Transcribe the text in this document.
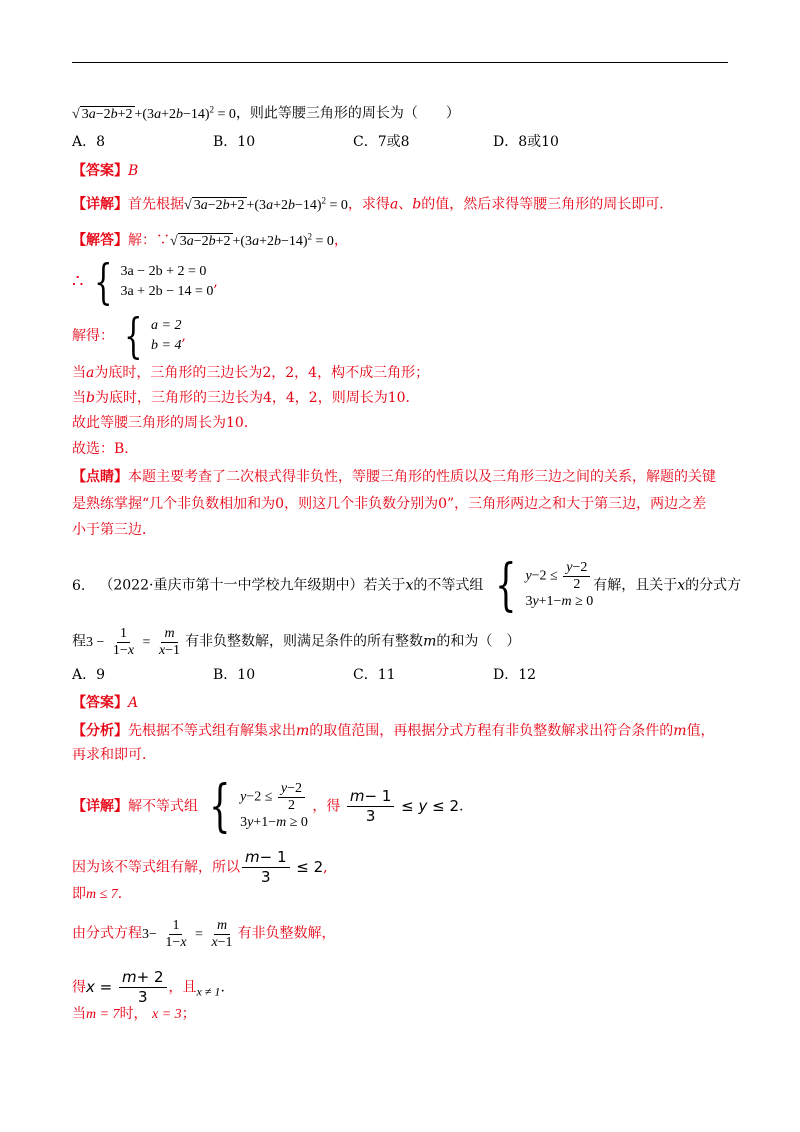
√ $3a-2b+2 +(3a+2b-14)^2 = 0$，则此等腰三角形的周长为（　　）
A．8	B．10	C．7或8	D．8或10
【答案】B
【详解】首先根据√ $3a-2b+2 +(3a+2b-14)^2 = 0$，求得a、b的值，然后求得等腰三角形的周长即可．
【解答】解：∵√ $3a-2b+2 +(3a+2b-14)^2 = 0$，
∴ { 3a − 2b + 2 = 0
3a + 2b − 14 = 0
,
解得： { a = 2
b = 4
,
当a为底时，三角形的三边长为2，2，4，构不成三角形；
当b为底时，三角形的三边长为4，4，2，则周长为10．
故此等腰三角形的周长为10．
故选：B．
【点睛】本题主要考查了二次根式得非负性，等腰三角形的性质以及三角形三边之间的关系，解题的关键
是熟练掌握“几个非负数相加和为0，则这几个非负数分别为0”，三角形两边之和大于第三边，两边之差
小于第三边．
6. （2022·重庆市第十一中学校九年级期中）若关于x的不等式组 { $y-2 \le \frac{y-2}{2}$
3y+1−m ≥ 0
有解，且关于x的分式方
程$3 - \frac{1}{1-x} = \frac{m}{x-1}$ 有非负整数解，则满足条件的所有整数m的和为（　）
A．9	B．10	C．11	D．12
【答案】A
【分析】先根据不等式组有解集求出m的取值范围，再根据分式方程有非负整数解求出符合条件的m值，
再求和即可．
【详解】解不等式组 { $y-2 \le \frac{y-2}{2}$
3y+1−m ≥ 0
，得 $\frac{m- 1}{3} \le y \le 2$.
因为该不等式组有解，所以 $\frac{m- 1}{3} \le 2$,
即m ≤ 7．
由分式方程$3- \frac{1}{1-x} = \frac{m}{x-1}$ 有非负整数解，
得$x = \frac{m+ 2}{3}$ ，且x ≠ 1.
当m = 7时， x = 3；
